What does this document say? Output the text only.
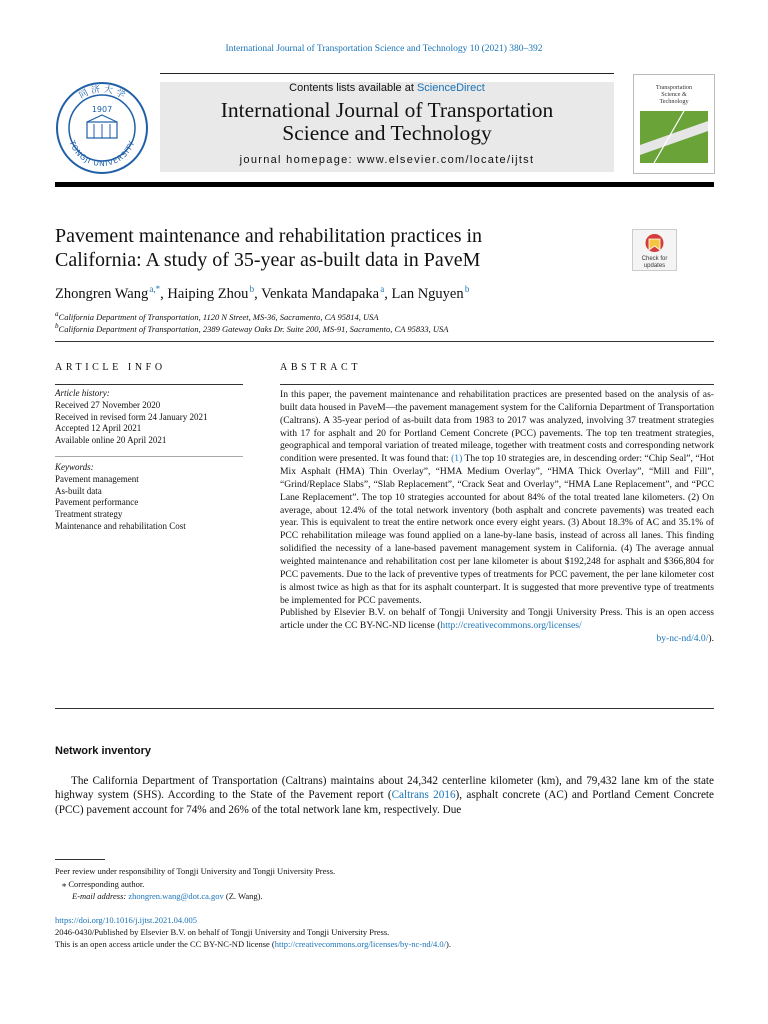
International Journal of Transportation Science and Technology 10 (2021) 380–392
同 济 大 学
TONGJI UNIVERSITY
1907
Contents lists available at ScienceDirect
International Journal of Transportation
Science and Technology
journal homepage: www.elsevier.com/locate/ijtst
Transportation
Science &
Technology
Pavement maintenance and rehabilitation practices in
California: A study of 35-year as-built data in PaveM	Check for
updates
Zhongren Wang $^{a,*}$, Haiping Zhou $^b$, Venkata Mandapaka $^a$, Lan Nguyen $^b$
$^a$California Department of Transportation, 1120 N Street, MS-36, Sacramento, CA 95814, USA
$^b$California Department of Transportation, 2389 Gateway Oaks Dr. Suite 200, MS-91, Sacramento, CA 95833, USA
ARTICLE INFO	ABSTRACT
Article history:
Received 27 November 2020
Received in revised form 24 January 2021
Accepted 12 April 2021
Available online 20 April 2021
Keywords:
Pavement management
As-built data
Pavement performance
Treatment strategy
Maintenance and rehabilitation Cost

In this paper, the pavement maintenance and rehabilitation practices are presented based on the analysis of as-built data housed in PaveM—the pavement management system for the California Department of Transportation (Caltrans). A 35-year period of as-built data from 1983 to 2017 was analyzed, involving 37 treatment strategies with 17 for asphalt and 20 for Portland Cement Concrete (PCC) pavements. The top ten treatment strategies, geographical and temporal variation of treated mileage, together with treatment costs and corresponding network condition were presented. It was found that: (1) The top 10 strategies are, in descending order: “Chip Seal”, “Hot Mix Asphalt (HMA) Thin Overlay”, “HMA Medium Overlay”, “HMA Thick Overlay”, “Mill and Fill”, “Grind/Replace Slabs”, “Slab Replacement”, “Crack Seat and Overlay”, “HMA Lane Replacement”, and “PCC Lane Replacement”. The top 10 strategies accounted for about 84% of the total treated lane kilometers. (2) On average, about 12.4% of the total network inventory (both asphalt and concrete pavements) was treated each year. This is equivalent to treat the entire network once every eight years. (3) About 18.3% of AC and 35.1% of PCC rehabilitation mileage was found applied on a lane-by-lane basis, instead of across all lanes. This finding solidified the necessity of a lane-based pavement management system in California. (4) The average annual weighted maintenance and rehabilitation cost per lane kilometer is about $192,248 for asphalt and $366,804 for PCC pavements. Due to the lack of preventive types of treatments for PCC pavement, the per lane kilometer cost is almost twice as high as that for its asphalt counterpart. It is suggested that more preventive type of treatments be implemented for PCC pavements.

Published by Elsevier B.V. on behalf of Tongji University and Tongji University Press. This is an open access article under the CC BY-NC-ND license (http://creativecommons.org/licenses/
by-nc-nd/4.0/).

Network inventory
The California Department of Transportation (Caltrans) maintains about 24,342 centerline kilometer (km), and 79,432 lane km of the state highway system (SHS). According to the State of the Pavement report (Caltrans 2016), asphalt concrete (AC) and Portland Cement Concrete (PCC) pavement account for 74% and 26% of the total network lane km, respectively. Due
Peer review under responsibility of Tongji University and Tongji University Press.
⁎ Corresponding author.
E-mail address: zhongren.wang@dot.ca.gov (Z. Wang).
https://doi.org/10.1016/j.ijtst.2021.04.005
2046-0430/Published by Elsevier B.V. on behalf of Tongji University and Tongji University Press.
This is an open access article under the CC BY-NC-ND license (http://creativecommons.org/licenses/by-nc-nd/4.0/).
